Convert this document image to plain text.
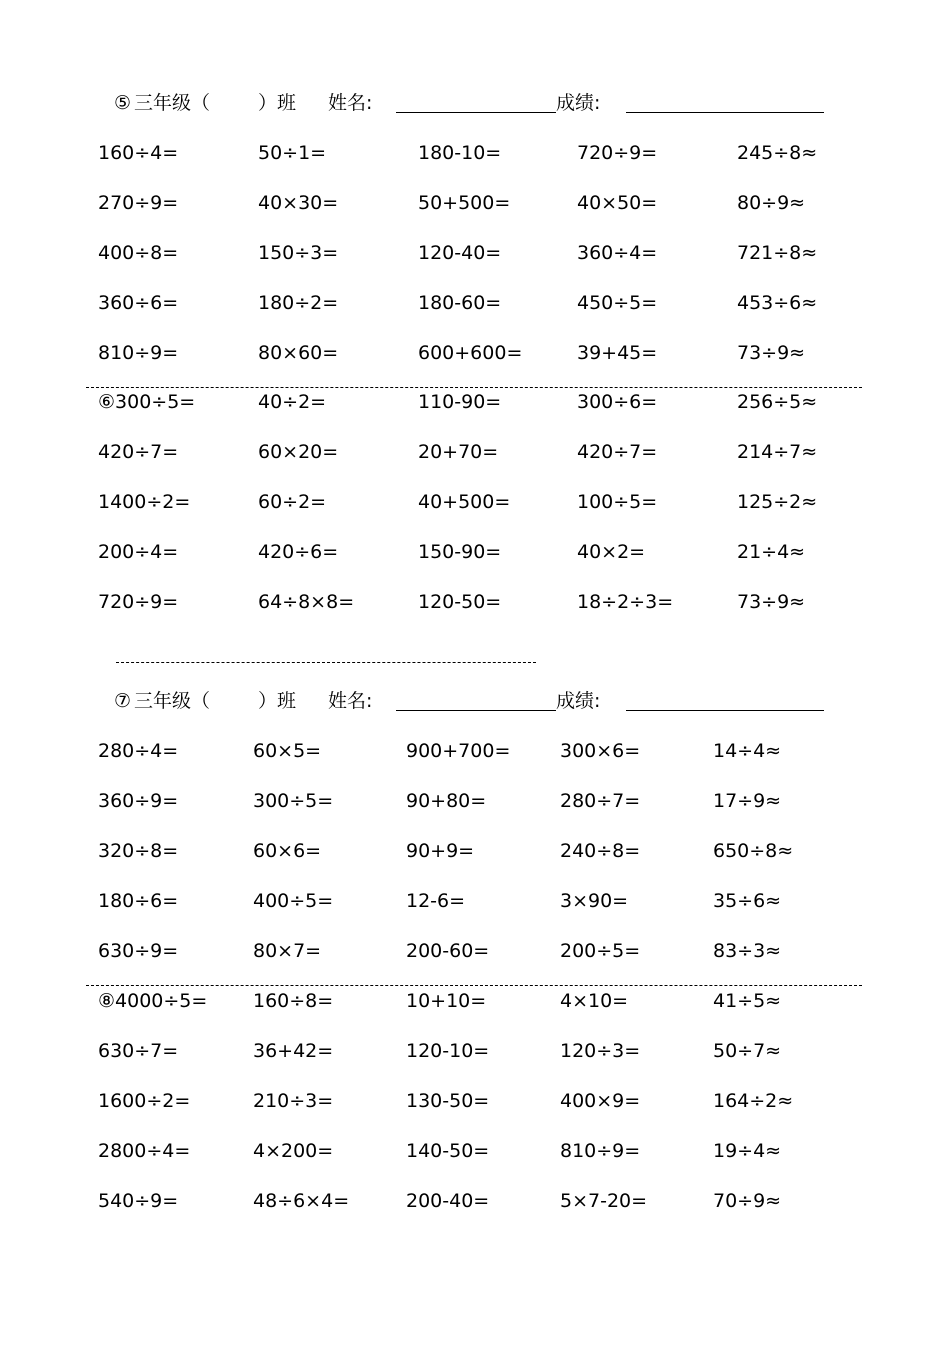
⑤ 三年级（	）班 姓名:	成绩:
160÷4=	50÷1=	180-10=	720÷9=	245÷8≈
270÷9=	40×30=	50+500=	40×50=	80÷9≈
400÷8=	150÷3=	120-40=	360÷4=	721÷8≈
360÷6=	180÷2=	180-60=	450÷5=	453÷6≈
810÷9=	80×60=	600+600=	39+45=	73÷9≈
⑥300÷5=	40÷2=	110-90=	300÷6=	256÷5≈
420÷7=	60×20=	20+70=	420÷7=	214÷7≈
1400÷2=	60÷2=	40+500=	100÷5=	125÷2≈
200÷4=	420÷6=	150-90=	40×2=	21÷4≈
720÷9=	64÷8×8=	120-50=	18÷2÷3=	73÷9≈
⑦ 三年级（	）班 姓名:	成绩:
280÷4=	60×5=	900+700=	300×6=	14÷4≈
360÷9=	300÷5=	90+80=	280÷7=	17÷9≈
320÷8=	60×6=	90+9=	240÷8=	650÷8≈
180÷6=	400÷5=	12-6=	3×90=	35÷6≈
630÷9=	80×7=	200-60=	200÷5=	83÷3≈
⑧4000÷5= 160÷8=	10+10=	4×10=	41÷5≈
630÷7=	36+42=	120-10=	120÷3=	50÷7≈
1600÷2=	210÷3=	130-50=	400×9=	164÷2≈
2800÷4=	4×200=	140-50=	810÷9=	19÷4≈
540÷9=	48÷6×4=	200-40=	5×7-20=	70÷9≈
